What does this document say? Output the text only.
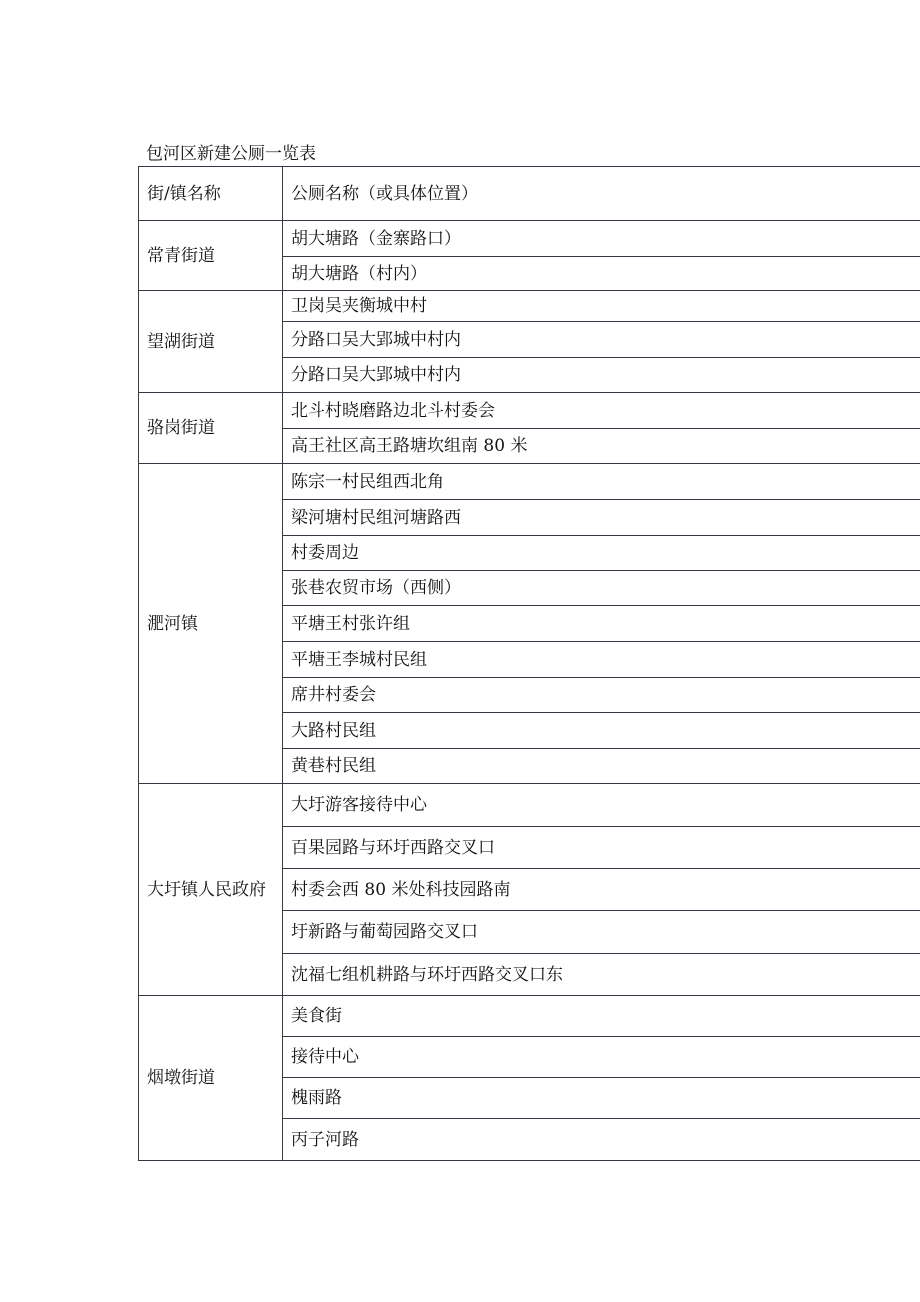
包河区新建公厕一览表
街/镇名称	公厕名称（或具体位置）
常青街道	胡大塘路（金寨路口）
	胡大塘路（村内）
望湖街道	卫岗吴夹衡城中村
	分路口吴大郢城中村内
	分路口吴大郢城中村内
骆岗街道	北斗村晓磨路边北斗村委会
	高王社区高王路塘坎组南 80 米
淝河镇	陈宗一村民组西北角
	梁河塘村民组河塘路西
	村委周边
	张巷农贸市场（西侧）
	平塘王村张许组
	平塘王李城村民组
	席井村委会
	大路村民组
	黄巷村民组
大圩镇人民政府	大圩游客接待中心
	百果园路与环圩西路交叉口
	村委会西 80 米处科技园路南
	圩新路与葡萄园路交叉口
	沈福七组机耕路与环圩西路交叉口东
烟墩街道	美食街
	接待中心
	槐雨路
	丙子河路
